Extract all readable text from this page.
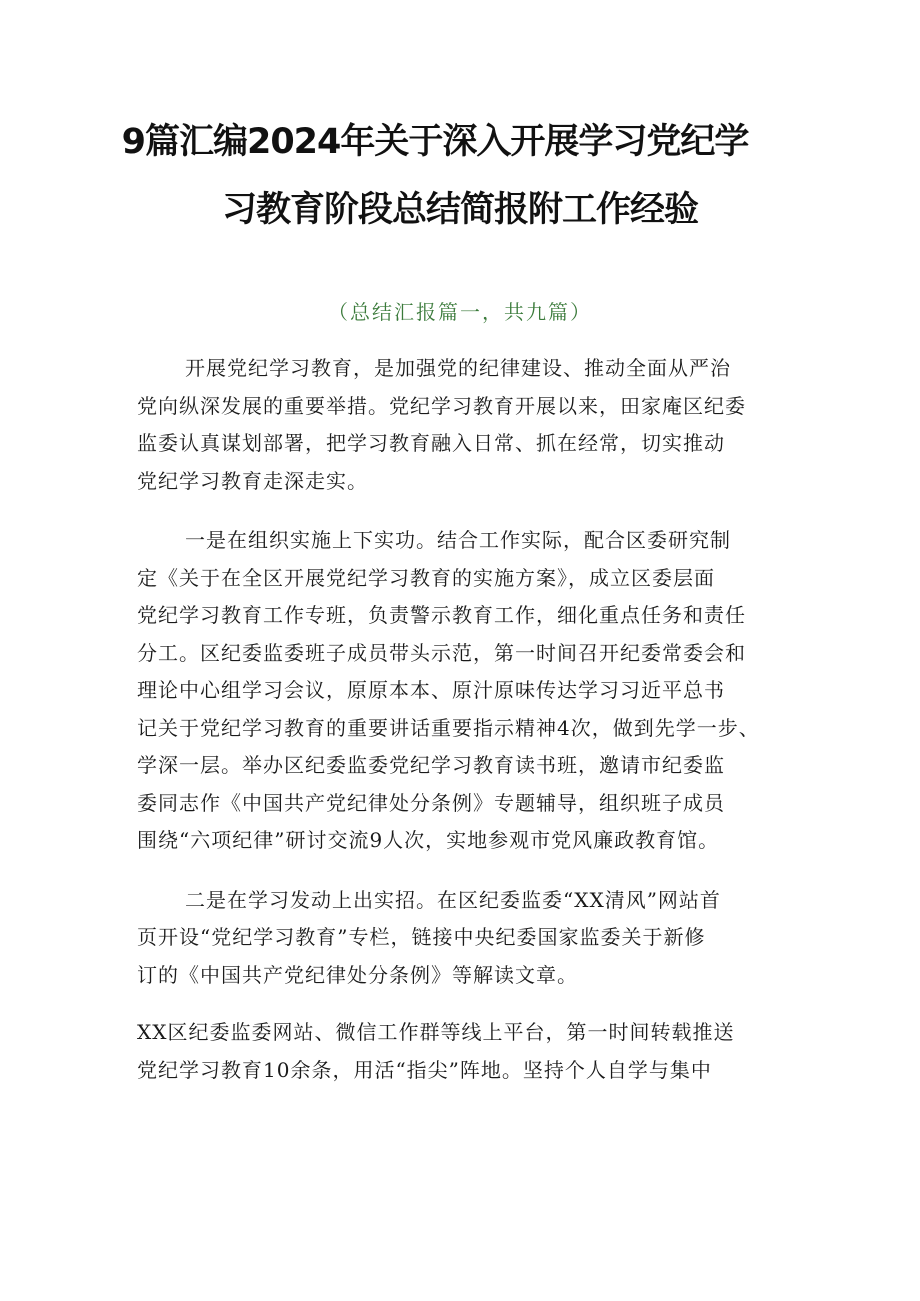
9篇汇编2024年关于深入开展学习党纪学
习教育阶段总结简报附工作经验
（总结汇报篇一，共九篇）

开展党纪学习教育，是加强党的纪律建设、推动全面从严治
党向纵深发展的重要举措。党纪学习教育开展以来，田家庵区纪委
监委认真谋划部署，把学习教育融入日常、抓在经常，切实推动
党纪学习教育走深走实。

一是在组织实施上下实功。结合工作实际，配合区委研究制
定《关于在全区开展党纪学习教育的实施方案》，成立区委层面
党纪学习教育工作专班，负责警示教育工作，细化重点任务和责任
分工。区纪委监委班子成员带头示范，第一时间召开纪委常委会和
理论中心组学习会议，原原本本、原汁原味传达学习习近平总书
记关于党纪学习教育的重要讲话重要指示精神4次，做到先学一步、
学深一层。举办区纪委监委党纪学习教育读书班，邀请市纪委监
委同志作《中国共产党纪律处分条例》专题辅导，组织班子成员
围绕“六项纪律”研讨交流9人次，实地参观市党风廉政教育馆。

二是在学习发动上出实招。在区纪委监委“XX清风”网站首
页开设“党纪学习教育”专栏，链接中央纪委国家监委关于新修
订的《中国共产党纪律处分条例》等解读文章。

XX区纪委监委网站、微信工作群等线上平台，第一时间转载推送
党纪学习教育10余条，用活“指尖”阵地。坚持个人自学与集中
